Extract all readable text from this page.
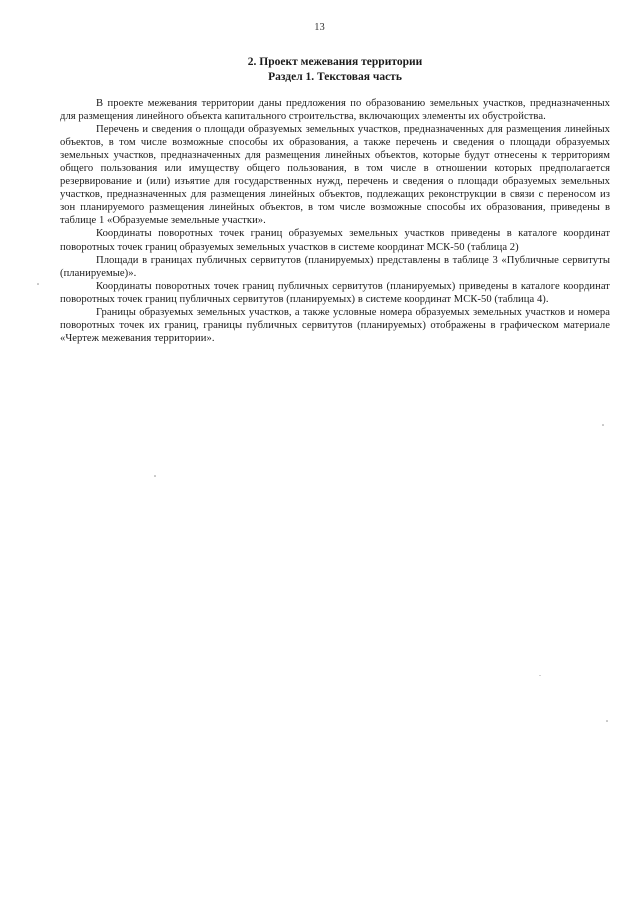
13
2. Проект межевания территории
Раздел 1. Текстовая часть

В проекте межевания территории даны предложения по образованию земельных участков, предназначенных для размещения линейного объекта капитального строительства, включающих элементы их обустройства.

Перечень и сведения о площади образуемых земельных участков, предназначенных для размещения линейных объектов, в том числе возможные способы их образования, а также перечень и сведения о площади образуемых земельных участков, предназначенных для размещения линейных объектов, которые будут отнесены к территориям общего пользования или имуществу общего пользования, в том числе в отношении которых предполагается резервирование и (или) изъятие для государственных нужд, перечень и сведения о площади образуемых земельных участков, предназначенных для размещения линейных объектов, подлежащих реконструкции в связи с переносом из зон планируемого размещения линейных объектов, в том числе возможные способы их образования, приведены в таблице 1 «Образуемые земельные участки».

Координаты поворотных точек границ образуемых земельных участков приведены в каталоге координат поворотных точек границ образуемых земельных участков в системе координат МСК-50 (таблица 2)

Площади в границах публичных сервитутов (планируемых) представлены в таблице 3 «Публичные сервитуты (планируемые)».

Координаты поворотных точек границ публичных сервитутов (планируемых) приведены в каталоге координат поворотных точек границ публичных сервитутов (планируемых) в системе координат МСК-50 (таблица 4).

Границы образуемых земельных участков, а также условные номера образуемых земельных участков и номера поворотных точек их границ, границы публичных сервитутов (планируемых) отображены в графическом материале «Чертеж межевания территории».
